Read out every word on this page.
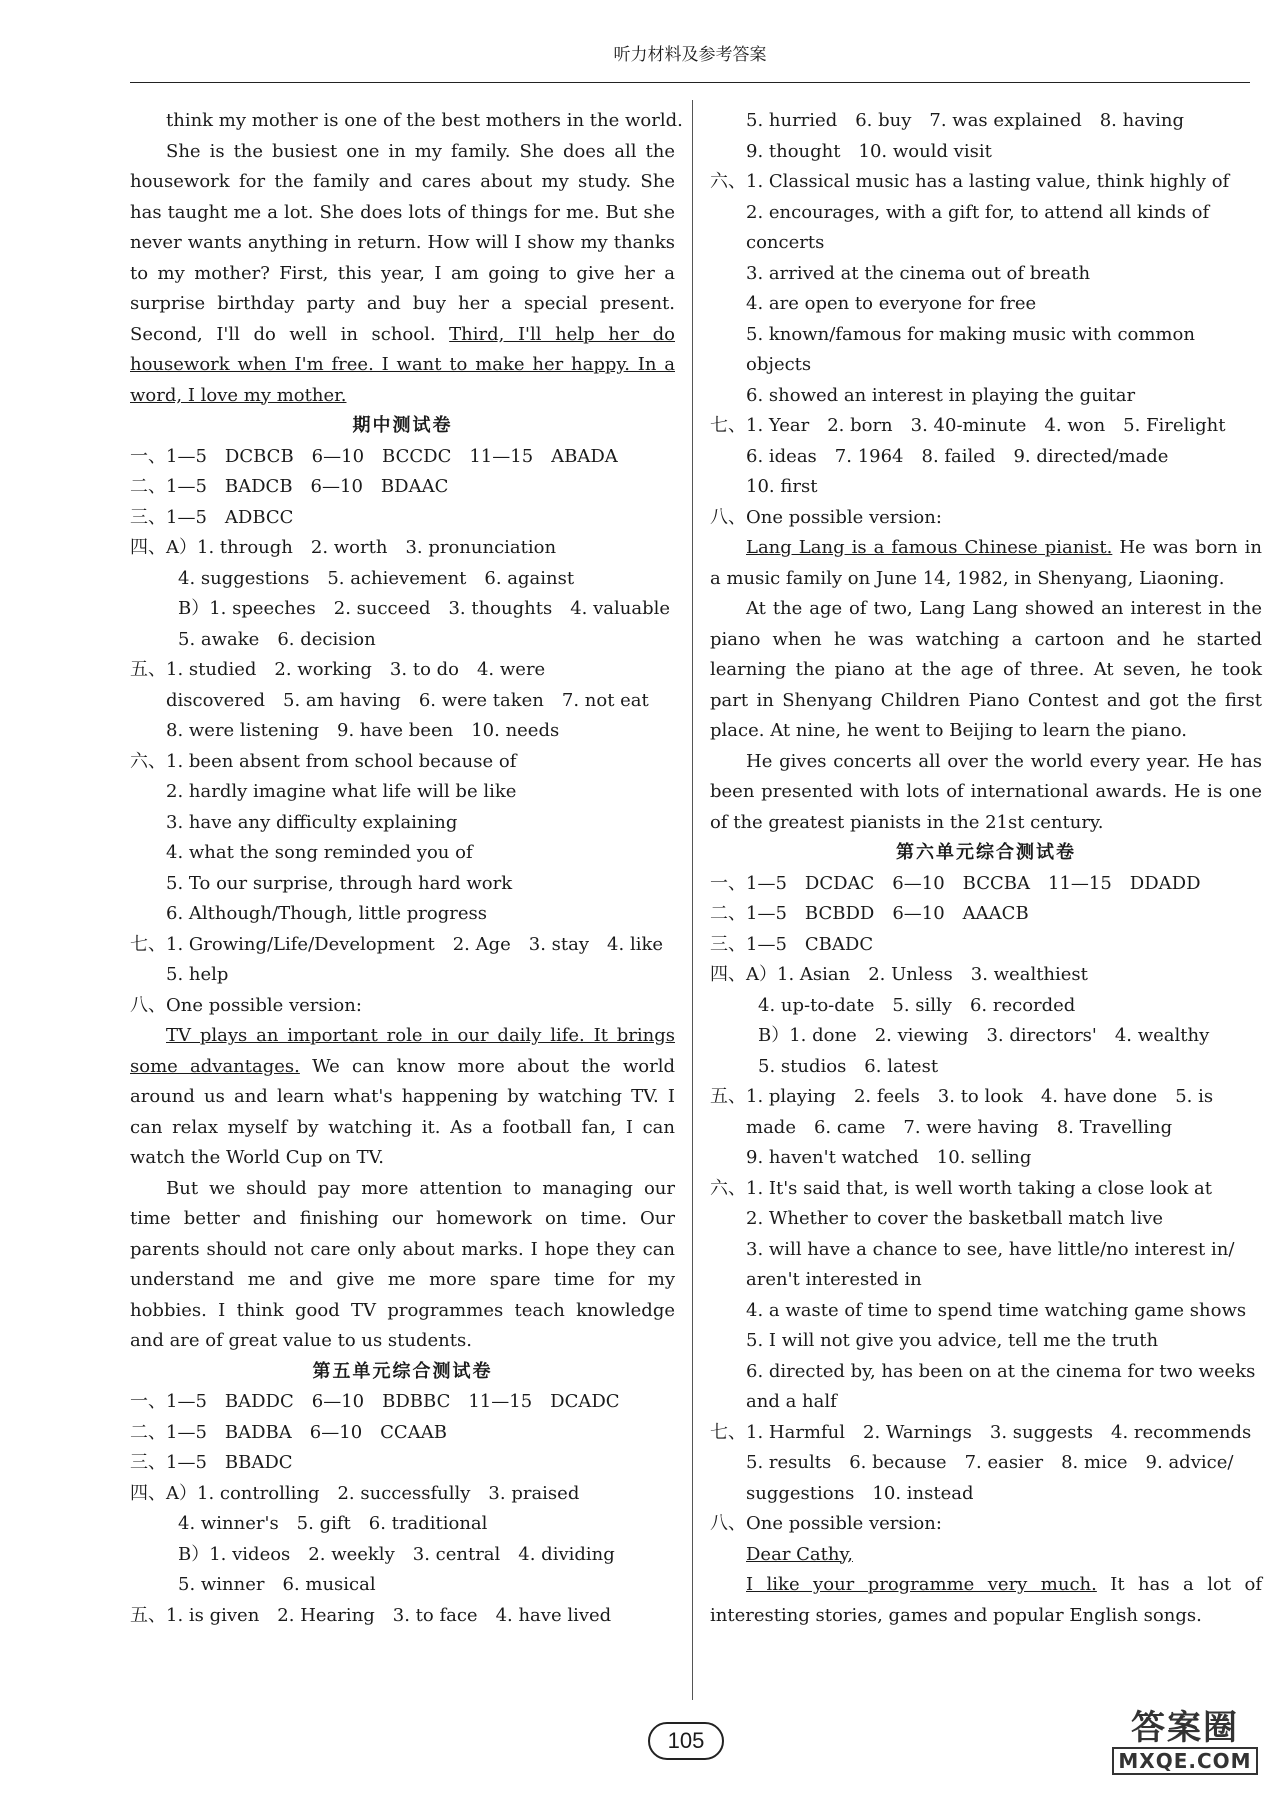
听力材料及参考答案
think my mother is one of the best mothers in the world.
She is the busiest one in my family. She does all the housework for the family and cares about my study. She has taught me a lot. She does lots of things for me. But she never wants anything in return. How will I show my thanks to my mother? First, this year, I am going to give her a surprise birthday party and buy her a special present. Second, I'll do well in school. Third, I'll help her do housework when I'm free. I want to make her happy. In a word, I love my mother.
期中测试卷
一、1—5　DCBCB　6—10　BCCDC　11—15　ABADA
二、1—5　BADCB　6—10　BDAAC
三、1—5　ADBCC
四、A）1. through　2. worth　3. pronunciation
4. suggestions　5. achievement　6. against
B）1. speeches　2. succeed　3. thoughts　4. valuable
5. awake　6. decision
五、1. studied　2. working　3. to do　4. were
discovered　5. am having　6. were taken　7. not eat
8. were listening　9. have been　10. needs
六、1. been absent from school because of
2. hardly imagine what life will be like
3. have any difficulty explaining
4. what the song reminded you of
5. To our surprise, through hard work
6. Although/Though, little progress
七、1. Growing/Life/Development　2. Age　3. stay　4. like
5. help
八、One possible version:
TV plays an important role in our daily life. It brings some advantages. We can know more about the world around us and learn what's happening by watching TV. I can relax myself by watching it. As a football fan, I can watch the World Cup on TV.
But we should pay more attention to managing our time better and finishing our homework on time. Our parents should not care only about marks. I hope they can understand me and give me more spare time for my hobbies. I think good TV programmes teach knowledge and are of great value to us students.
第五单元综合测试卷
一、1—5　BADDC　6—10　BDBBC　11—15　DCADC
二、1—5　BADBA　6—10　CCAAB
三、1—5　BBADC
四、A）1. controlling　2. successfully　3. praised
4. winner's　5. gift　6. traditional
B）1. videos　2. weekly　3. central　4. dividing
5. winner　6. musical
五、1. is given　2. Hearing　3. to face　4. have lived
5. hurried　6. buy　7. was explained　8. having
9. thought　10. would visit
六、1. Classical music has a lasting value, think highly of
2. encourages, with a gift for, to attend all kinds of
concerts
3. arrived at the cinema out of breath
4. are open to everyone for free
5. known/famous for making music with common
objects
6. showed an interest in playing the guitar
七、1. Year　2. born　3. 40-minute　4. won　5. Firelight
6. ideas　7. 1964　8. failed　9. directed/made
10. first
八、One possible version:
Lang Lang is a famous Chinese pianist. He was born in a music family on June 14, 1982, in Shenyang, Liaoning.
At the age of two, Lang Lang showed an interest in the piano when he was watching a cartoon and he started learning the piano at the age of three. At seven, he took part in Shenyang Children Piano Contest and got the first place. At nine, he went to Beijing to learn the piano.
He gives concerts all over the world every year. He has been presented with lots of international awards. He is one of the greatest pianists in the 21st century.
第六单元综合测试卷
一、1—5　DCDAC　6—10　BCCBA　11—15　DDADD
二、1—5　BCBDD　6—10　AAACB
三、1—5　CBADC
四、A）1. Asian　2. Unless　3. wealthiest
4. up-to-date　5. silly　6. recorded
B）1. done　2. viewing　3. directors'　4. wealthy
5. studios　6. latest
五、1. playing　2. feels　3. to look　4. have done　5. is
made　6. came　7. were having　8. Travelling
9. haven't watched　10. selling
六、1. It's said that, is well worth taking a close look at
2. Whether to cover the basketball match live
3. will have a chance to see, have little/no interest in/
aren't interested in
4. a waste of time to spend time watching game shows
5. I will not give you advice, tell me the truth
6. directed by, has been on at the cinema for two weeks
and a half
七、1. Harmful　2. Warnings　3. suggests　4. recommends
5. results　6. because　7. easier　8. mice　9. advice/
suggestions　10. instead
八、One possible version:
Dear Cathy,
I like your programme very much. It has a lot of interesting stories, games and popular English songs.
105	答案圈
MXQE.COM
